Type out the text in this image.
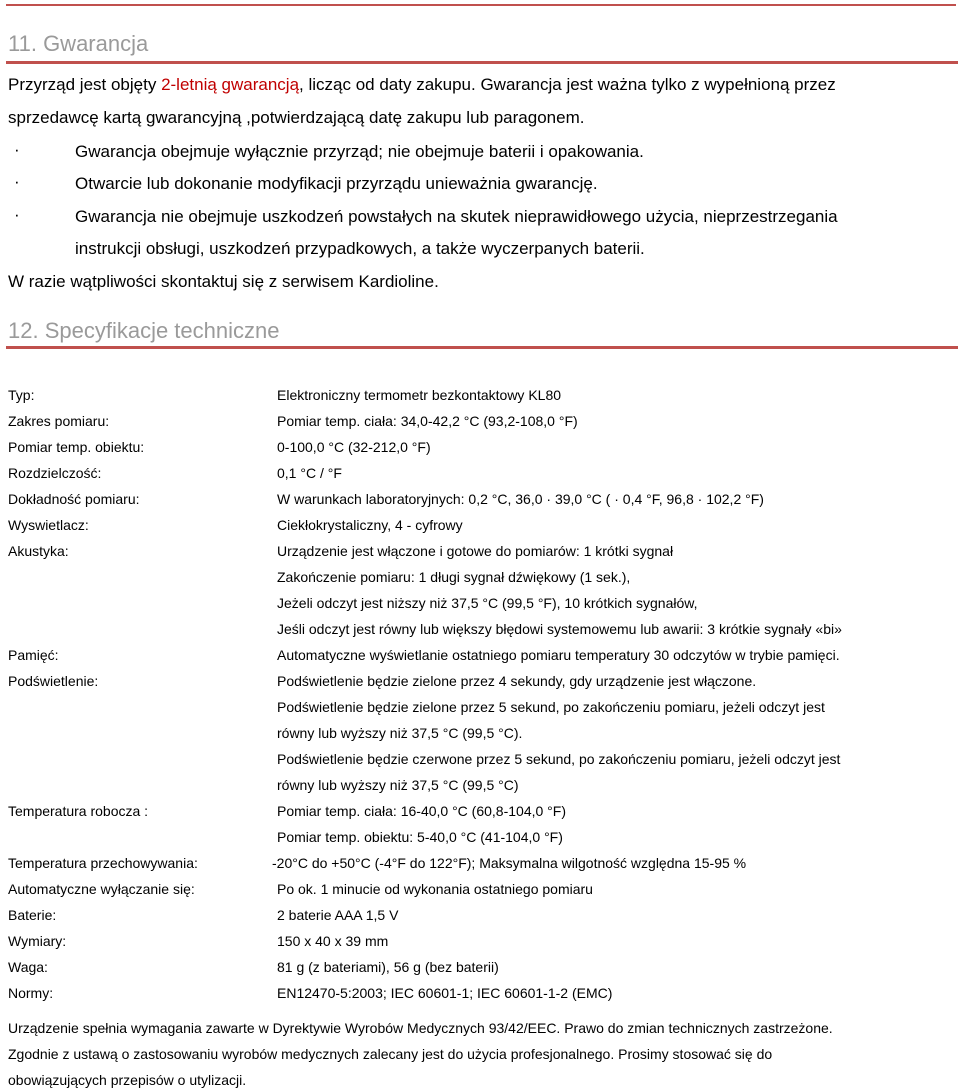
11. Gwarancja
Przyrząd jest objęty 2-letnią gwarancją, licząc od daty zakupu. Gwarancja jest ważna tylko z wypełnioną przez
sprzedawcę kartą gwarancyjną ,potwierdzającą datę zakupu lub paragonem.
·	Gwarancja obejmuje wyłącznie przyrząd; nie obejmuje baterii i opakowania.
·	Otwarcie lub dokonanie modyfikacji przyrządu unieważnia gwarancję.
·	Gwarancja nie obejmuje uszkodzeń powstałych na skutek nieprawidłowego użycia, nieprzestrzegania
instrukcji obsługi, uszkodzeń przypadkowych, a także wyczerpanych baterii.
W razie wątpliwości skontaktuj się z serwisem Kardioline.
12. Specyfikacje techniczne
Typ:	Elektroniczny termometr bezkontaktowy KL80
Zakres pomiaru:	Pomiar temp. ciała: 34,0-42,2 °C (93,2-108,0 °F)
Pomiar temp. obiektu:	0-100,0 °C (32-212,0 °F)
Rozdzielczość:	0,1 °C / °F
Dokładność pomiaru:	W warunkach laboratoryjnych: 0,2 °C, 36,0 · 39,0 °C ( · 0,4 °F, 96,8 · 102,2 °F)
Wyswietlacz:	Ciekłokrystaliczny, 4 - cyfrowy
Akustyka:	Urządzenie jest włączone i gotowe do pomiarów: 1 krótki sygnał
Zakończenie pomiaru: 1 długi sygnał dźwiękowy (1 sek.),
Jeżeli odczyt jest niższy niż 37,5 °C (99,5 °F), 10 krótkich sygnałów,
Jeśli odczyt jest równy lub większy błędowi systemowemu lub awarii: 3 krótkie sygnały «bi»
Pamięć:	Automatyczne wyświetlanie ostatniego pomiaru temperatury 30 odczytów w trybie pamięci.
Podświetlenie:	Podświetlenie będzie zielone przez 4 sekundy, gdy urządzenie jest włączone.
Podświetlenie będzie zielone przez 5 sekund, po zakończeniu pomiaru, jeżeli odczyt jest
równy lub wyższy niż 37,5 °C (99,5 °C).
Podświetlenie będzie czerwone przez 5 sekund, po zakończeniu pomiaru, jeżeli odczyt jest
równy lub wyższy niż 37,5 °C (99,5 °C)
Temperatura robocza :	Pomiar temp. ciała: 16-40,0 °C (60,8-104,0 °F)
Pomiar temp. obiektu: 5-40,0 °C (41-104,0 °F)
Temperatura przechowywania:	-20°C do +50°C (-4°F do 122°F); Maksymalna wilgotność względna 15-95 %
Automatyczne wyłączanie się:	Po ok. 1 minucie od wykonania ostatniego pomiaru
Baterie:	2 baterie AAA 1,5 V
Wymiary:	150 x 40 x 39 mm
Waga:	81 g (z bateriami), 56 g (bez baterii)
Normy:	EN12470-5:2003; IEC 60601-1; IEC 60601-1-2 (EMC)
Urządzenie spełnia wymagania zawarte w Dyrektywie Wyrobów Medycznych 93/42/EEC. Prawo do zmian technicznych zastrzeżone.
Zgodnie z ustawą o zastosowaniu wyrobów medycznych zalecany jest do użycia profesjonalnego. Prosimy stosować się do
obowiązujących przepisów o utylizacji.
